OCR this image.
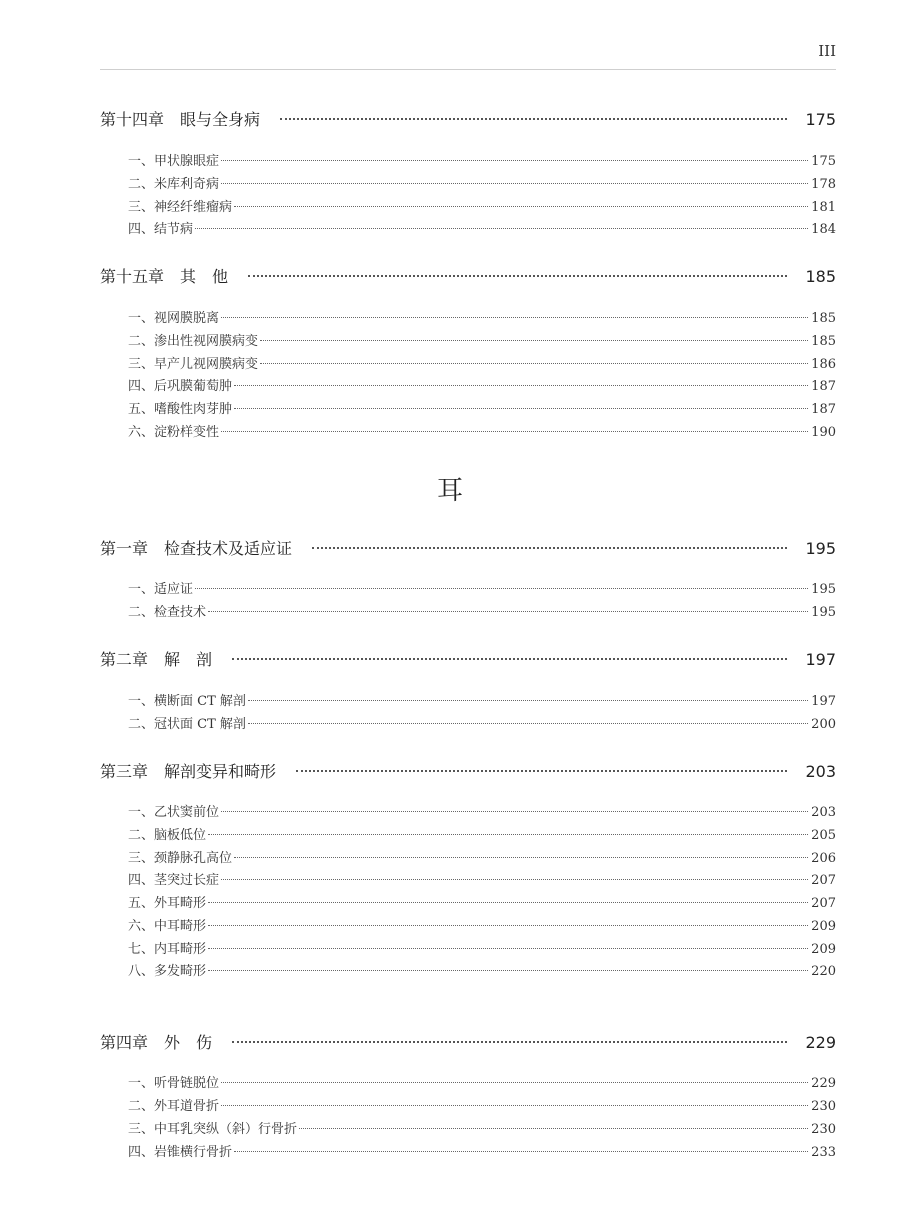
III
第十四章　眼与全身病	175
一、甲状腺眼症	175
二、米库利奇病	178
三、神经纤维瘤病	181
四、结节病	184
第十五章　其　他	185
一、视网膜脱离	185
二、渗出性视网膜病变	185
三、早产儿视网膜病变	186
四、后巩膜葡萄肿	187
五、嗜酸性肉芽肿	187
六、淀粉样变性	190
耳
第一章　检查技术及适应证	195
一、适应证	195
二、检查技术	195
第二章　解　剖	197
一、横断面 CT 解剖	197
二、冠状面 CT 解剖	200
第三章　解剖变异和畸形	203
一、乙状窦前位	203
二、脑板低位	205
三、颈静脉孔高位	206
四、茎突过长症	207
五、外耳畸形	207
六、中耳畸形	209
七、内耳畸形	209
八、多发畸形	220
第四章　外　伤	229
一、听骨链脱位	229
二、外耳道骨折	230
三、中耳乳突纵（斜）行骨折	230
四、岩锥横行骨折	233
